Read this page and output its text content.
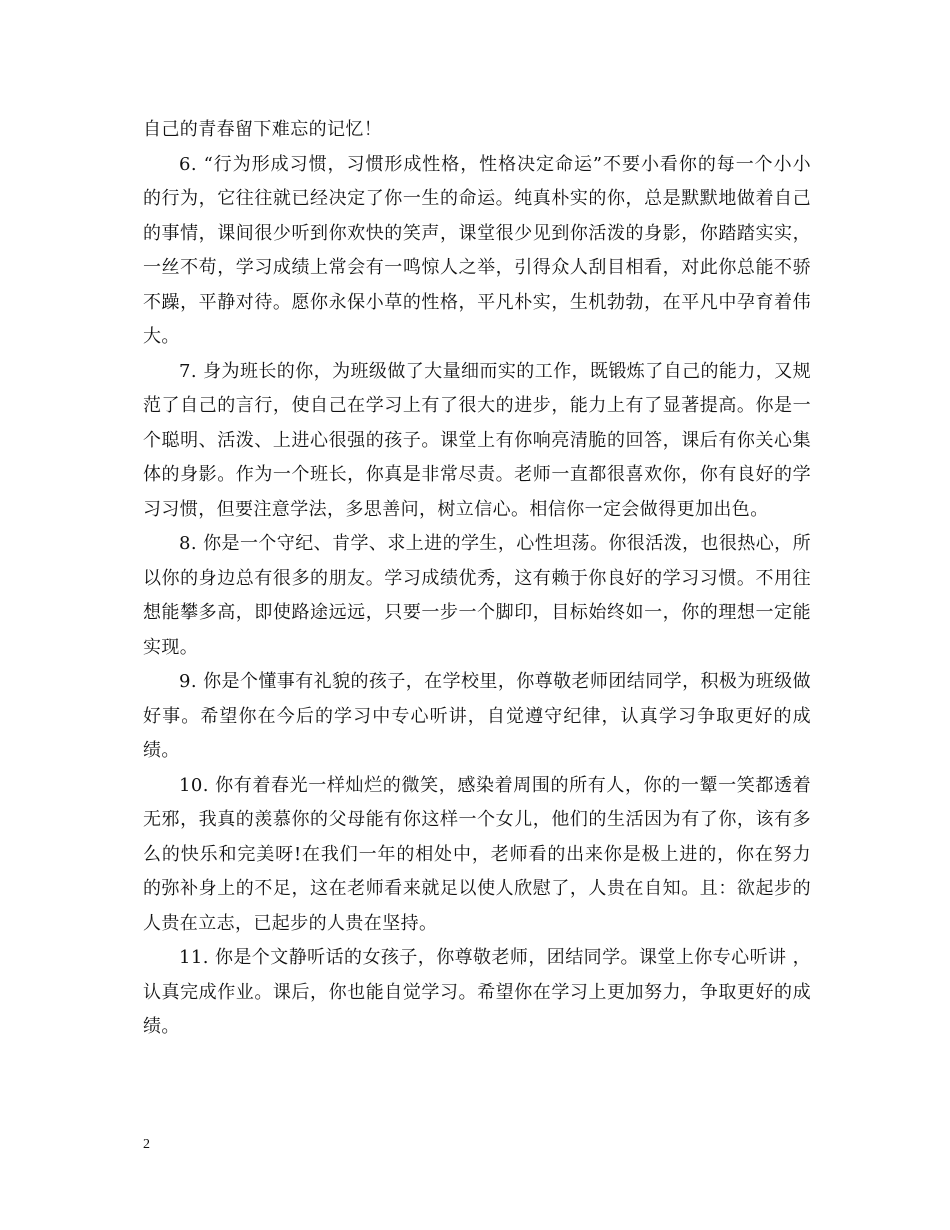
自己的青春留下难忘的记忆！

6. “行为形成习惯，习惯形成性格，性格决定命运”不要小看你的每一个小小的行为，它往往就已经决定了你一生的命运。纯真朴实的你，总是默默地做着自己的事情，课间很少听到你欢快的笑声，课堂很少见到你活泼的身影，你踏踏实实，一丝不苟，学习成绩上常会有一鸣惊人之举，引得众人刮目相看，对此你总能不骄不躁，平静对待。愿你永保小草的性格，平凡朴实，生机勃勃，在平凡中孕育着伟大。

7. 身为班长的你，为班级做了大量细而实的工作，既锻炼了自己的能力，又规范了自己的言行，使自己在学习上有了很大的进步，能力上有了显著提高。你是一个聪明、活泼、上进心很强的孩子。课堂上有你响亮清脆的回答，课后有你关心集体的身影。作为一个班长，你真是非常尽责。老师一直都很喜欢你，你有良好的学习习惯，但要注意学法，多思善问，树立信心。相信你一定会做得更加出色。

8. 你是一个守纪、肯学、求上进的学生，心性坦荡。你很活泼，也很热心，所以你的身边总有很多的朋友。学习成绩优秀，这有赖于你良好的学习习惯。不用往想能攀多高，即使路途远远，只要一步一个脚印，目标始终如一，你的理想一定能实现。

9. 你是个懂事有礼貌的孩子，在学校里，你尊敬老师团结同学，积极为班级做好事。希望你在今后的学习中专心听讲，自觉遵守纪律，认真学习争取更好的成绩。

10. 你有着春光一样灿烂的微笑，感染着周围的所有人，你的一颦一笑都透着无邪，我真的羡慕你的父母能有你这样一个女儿，他们的生活因为有了你，该有多么的快乐和完美呀!在我们一年的相处中，老师看的出来你是极上进的，你在努力的弥补身上的不足，这在老师看来就足以使人欣慰了，人贵在自知。且：欲起步的人贵在立志，已起步的人贵在坚持。

11. 你是个文静听话的女孩子，你尊敬老师，团结同学。课堂上你专心听讲 ，认真完成作业。课后，你也能自觉学习。希望你在学习上更加努力，争取更好的成绩。

2
